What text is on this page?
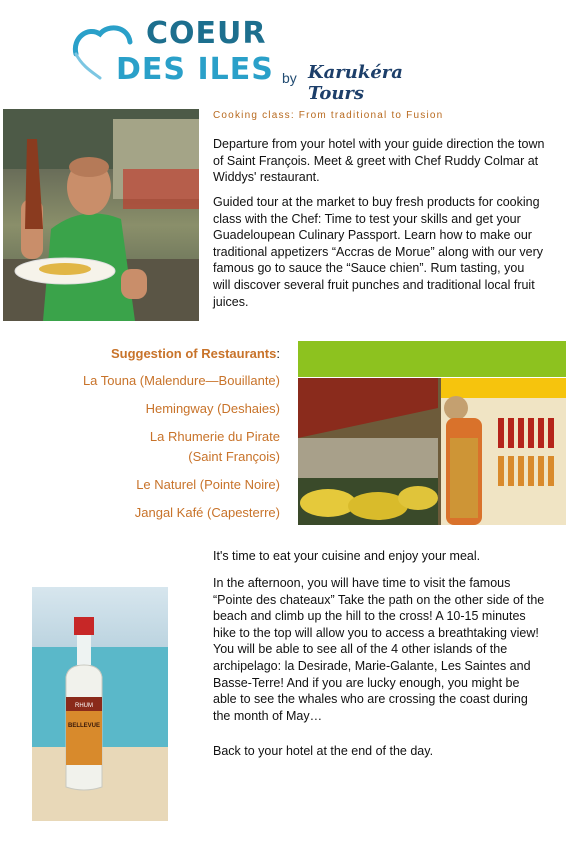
COEUR
DES ILES by Karukéra Tours
Cooking class: From traditional to Fusion

Departure from your hotel with your guide direction the town of Saint François. Meet & greet with Chef Ruddy Colmar at Widdys' restaurant.

Guided tour at the market to buy fresh products for cooking class with the Chef: Time to test your skills and get your Guadeloupean Culinary Passport. Learn how to make our traditional appetizers “Accras de Morue” along with our very famous go to sauce the “Sauce chien”. Rum tasting, you will discover several fruit punches and traditional local fruit juices.

Suggestion of Restaurants:
La Touna (Malendure—Bouillante)
Hemingway (Deshaies)
La Rhumerie du Pirate
(Saint François)
Le Naturel (Pointe Noire)
Jangal Kafé (Capesterre)

It's time to eat your cuisine and enjoy your meal.

In the afternoon, you will have time to visit the famous “Pointe des chateaux” Take the path on the other side of the beach and climb up the hill to the cross! A 10-15 minutes hike to the top will allow you to access a breathtaking view! You will be able to see all of the 4 other islands of the archipelago: la Desirade, Marie-Galante, Les Saintes and Basse-Terre! And if you are lucky enough, you might be able to see the whales who are crossing the coast during the month of May…

Back to your hotel at the end of the day.

RHUM
BELLEVUE
